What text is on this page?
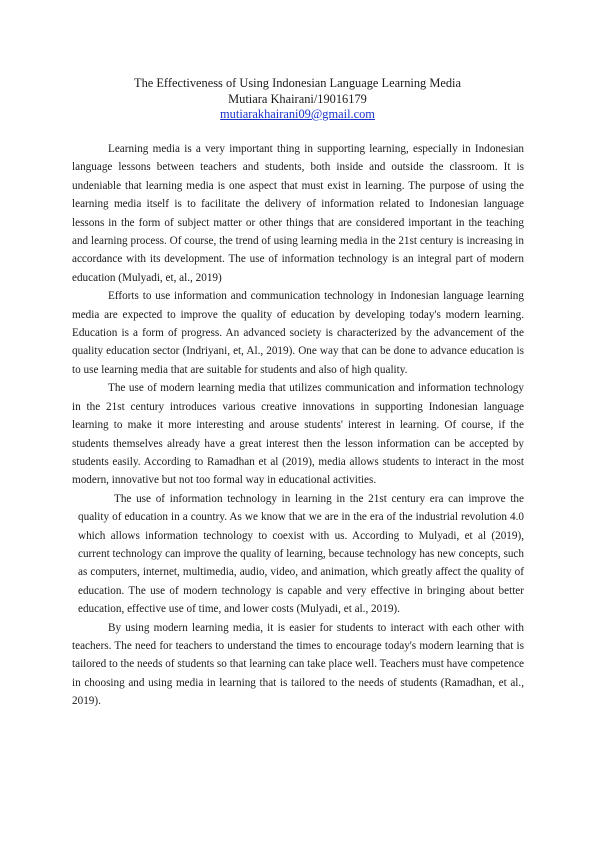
The Effectiveness of Using Indonesian Language Learning Media
Mutiara Khairani/19016179
mutiarakhairani09@gmail.com

Learning media is a very important thing in supporting learning, especially in Indonesian language lessons between teachers and students, both inside and outside the classroom. It is undeniable that learning media is one aspect that must exist in learning. The purpose of using the learning media itself is to facilitate the delivery of information related to Indonesian language lessons in the form of subject matter or other things that are considered important in the teaching and learning process. Of course, the trend of using learning media in the 21st century is increasing in accordance with its development. The use of information technology is an integral part of modern education (Mulyadi, et, al., 2019)

Efforts to use information and communication technology in Indonesian language learning media are expected to improve the quality of education by developing today's modern learning. Education is a form of progress. An advanced society is characterized by the advancement of the quality education sector (Indriyani, et, Al., 2019). One way that can be done to advance education is to use learning media that are suitable for students and also of high quality.

The use of modern learning media that utilizes communication and information technology in the 21st century introduces various creative innovations in supporting Indonesian language learning to make it more interesting and arouse students' interest in learning. Of course, if the students themselves already have a great interest then the lesson information can be accepted by students easily. According to Ramadhan et al (2019), media allows students to interact in the most modern, innovative but not too formal way in educational activities.

The use of information technology in learning in the 21st century era can improve the quality of education in a country. As we know that we are in the era of the industrial revolution 4.0 which allows information technology to coexist with us. According to Mulyadi, et al (2019), current technology can improve the quality of learning, because technology has new concepts, such as computers, internet, multimedia, audio, video, and animation, which greatly affect the quality of education. The use of modern technology is capable and very effective in bringing about better education, effective use of time, and lower costs (Mulyadi, et al., 2019).

By using modern learning media, it is easier for students to interact with each other with teachers. The need for teachers to understand the times to encourage today's modern learning that is tailored to the needs of students so that learning can take place well. Teachers must have competence in choosing and using media in learning that is tailored to the needs of students (Ramadhan, et al., 2019).
